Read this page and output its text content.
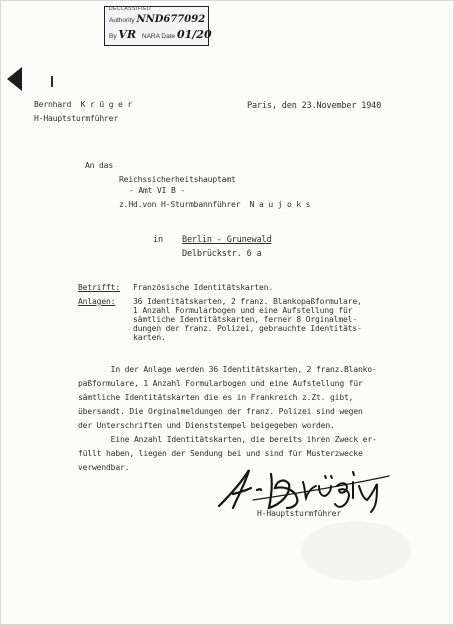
DECLASSIFIED
Authority NND677092
By VR NARA Date 01/20
Bernhard  K r ü g e r
H-Hauptsturmführer
Paris, den 23.November 1940
An das
Reichssicherheitshauptamt
- Amt VI B -
z.Hd.von H-Sturmbannführer  N a u j o k s
in Berlin - Grunewald
Delbrückstr. 6 a
Betrifft: Französische Identitätskarten.
Anlagen: 36 Identitätskarten, 2 franz. Blankopaßformulare,
1 Anzahl Formularbogen und eine Aufstellung für
sämtliche Identitätskarten, ferner 8 Orginalmel-
dungen der franz. Polizei, gebrauchte Identitäts-
karten.
In der Anlage werden 36 Identitätskarten, 2 franz.Blanko-
paßformulare, 1 Anzahl Formularbogen und eine Aufstellung für
sämtliche Identitätskarten die es in Frankreich z.Zt. gibt,
übersandt. Die Orginalmeldungen der franz. Polizei sind wegen
der Unterschriften und Dienststempel beigegeben worden.
Eine Anzahl Identitätskarten, die bereits ihren Zweck er-
füllt haben, liegen der Sendung bei und sind für Musterzwecke
verwendbar.
H-Hauptsturmführer
